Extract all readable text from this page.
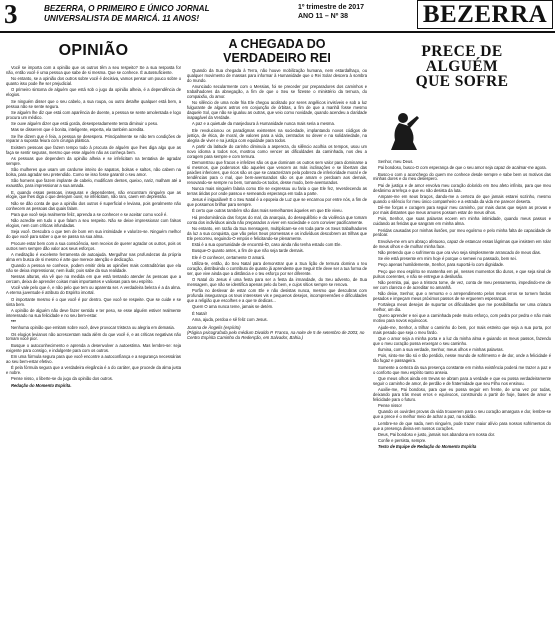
3	BEZERRA, O PRIMEIRO E ÚNICO JORNAL
UNIVERSALISTA DE MARICÁ. 11 ANOS!
1º trimestre de 2017
ANO 11 – Nº 38	BEZERRA
OPINIÃO

Você se importa com a opinião que os outros têm a seu respeito? Se a sua resposta for não, então você é uma pessoa que sabe de si mesma. Que se conhece. É autossuficiente.

No entanto, se a opinião dos outros sobre você é decisiva, vamos pensar um pouco sobre o quanto isso pode lhe ser prejudicial.

O primeiro sintoma de alguém que está sob o jugo da opinião alheia, é a dependência de elogios.

Se ninguém disser que o seu cabelo, a sua roupa, ou outro detalhe qualquer está bem, a pessoa não se sente segura.

Se alguém lhe diz que está com aparência de doente, a pessoa se sente amolentada e logo procura um médico.

Se ouve alguém dizer que está gorda, desesperadamente tenta diminuir o peso.

Mas se disserem que é bonita, inteligente, esperta, ela também acredita.

Se lhe dizem que é feia, a pessoa se desespera. Principalmente se não tem condições de reparar a suposta feiura com cirurgia plástica.

Existem pessoas que fazem tempo todo à procura de alguém que lhes diga algo que as faça se sentir seguras, mesmo que esse alguém não as conheça bem.

As pessoas que dependem da opinião alheia e se infelicitam na tentativa de agradar sempre.

São mulheres que usam um cardume inteiro de sapatos, bolsas e saltos, não cabem na bolsa, para agradar seu pretendido. Como se isso fosse garantir o seu amor.

São homens que fazem implante de cabelo, modificam dentes, queixo, nariz, malham até a exaustão, para impressionar a sua amada.

E, quando essas pessoas, inseguras e dependentes, não encontram ninguém que as elogie, que lhes diga o que desejam ouvir, se infelicitam, não raro, caem em depressão.

Não se dão conta de que a opinião dos outros é superficial e leviana, pois geralmente não conhecem as pessoas das quais falam.

Para que você seja realmente feliz, aprenda a se conhecer e se aceitar como você é.

Não acredite em tudo o que falam a seu respeito. Não se deixe impressionar com falsos elogios, nem com críticas infundadas.

Seja você. Descubra o que tem de bom em sua intimidade e valorize-se. Ninguém melhor do que você para saber o que se passa na sua alma.

Procure estar bem com a sua consciência, sem receios de querer agradar os outros, pois os outros nem sempre dão valor aos seus esforços.

A meditação é excelente ferramenta de autoajuda. Mergulhar nas profundezas da própria alma em busca de si mesmo é arte que merece atenção e dedicação.

Quando a pessoa se conhece, podem emitir dela as opiniões mais contraditórias que ela não se deixa impressionar, nem iludir, pois sabe da sua realidade.

Nessas alturas, ela vê que na medida em que está tentando atender às pessoas que a cercam, deixa de aprender coisas mais importantes e valiosas para seu espírito.

Você vale pelo que é, e não pelo que tem ou aparenta ser. A verdadeira beleza é a da alma. A eterna juventude é atributo do Espírito imortal.

O importante mesmo é o que você é por dentro. Que você se respeite. Que se cuide e se sinta bem.

A opinião de alguém não deve fazer sentido e ter peso, se esse alguém estiver realmente interessado na sua felicidade e no seu bem-estar.

***

Nenhuma opinião que emitam sobre você, deve provocar tristeza ou alegria em demasia.

Os elogios levianos não acrescentam nada além do que você é, e as críticas negativas não tornam você pior.

Busque o autoconhecimento e aprenda a desenvolver a autoestima. Mas lembre-se: seja exigente para consigo, e indulgente para com os outros.

Em uma fórmula segura para que você encontre a autoconfiança e a segurança necessárias ao seu bem-estar efetivo.

É pela fórmula segura que a verdadeira elegância é a do caráter, que procede da alma justa e nobre.

Pense nisso, o liberte-se do jugo da opinião dos outros.

Redação do Momento Espírita.

A CHEGADA DO
VERDADEIRO REI

Quando da Sua chegada à Terra, não houve mobilização humana, nem estardalhaço, ou qualquer movimento de massas para informar à Humanidade que o Rei Solar descera à sombra do mundo.

Anunciado secularmente com o Messias, foi se preceder por preparadores dos caminhos e trabalhadores da abnegação, a fim de que o Seu se fizesse o ministério da ternura, do compaixão, do amor.

No silêncio de uma noite fria Ele chegou acolitado por seres angélicos invisíveis e sob a luz fulgurante de alguns astros em conjunção de órbitas, a fim de que a manhã fosse mesmo daquele Sol, que não se igualou as outras, que veio como novidade, quando acendeu a claridade inapagável da Verdade.

A paz e a quietude da manjedoura à Humanidade nunca mais seria a mesma.

Ele revolucionou os paradigmas existentes na sociedade, implantando novos códigos de justiça, de ética, de moral, de valores para a vida, centrados no dever e na solidariedade, na alegria de viver e na justiça com equidade para todos.

A partir da latitude do carinho diminuía a aspereza, do silêncio acolhia os tempos, usou um novo idioma a todos nos, mostrou como vencer as dificuldades da caminhada, nos deu a coragem para sempre e com ternura.

Demonstrou que fracos e infelizes são os que dominam os outros sem valor para dominarse a si mesmos, que poderosos são aqueles que vencem as más inclinações e se libertam das paixões inferiores, que ricos são os que se caracterizam pela pobreza de inferioridade moral e de tendências para o mal, que bem-aventurados são os que amam e perdoam aos demais, renovando-se sempre no bem, tornando-os todos, desse modo, bem-aventurados.

Nunca mais ninguém falaria como Ele se expressou ou faria o que Ele fez, reverdecendo as terras áridas por onde passou e semeando esperança em toda a parte.

Jesus é inigualável! E o Seu Natal é a epopeia de Luz que se encarnou por entre nós, a fim de que possamos brilhar para sempre.

É certo que outras também são dias mais semelhantes àqueles em que Ele viveu.

Há predominância das forças do mal, da anarquia, do desequilíbrio e da violência que tomam conta dos indivíduos ainda não preparados a viver em sociedade e com conviver pacificamente.

No entanto, em razão da Sua mensagem, multiplicam-se em toda parte os Seus trabalhadores da luz a sua conquista, que vão pelos Seus promessas e os indivíduos descobrem as trilhas que Ele percorreu, seguindo-O empós e felicitando-se plenamente.

Está é a sua oportunidade de encontrá-lO, caso ainda não tenha estado com Ele.

Busque-O quanto antes, a fim de que não seja tarde demais.

Ele é O conhecer, certamente O amará.

Utiliza-te, então, do Seu Natal para demonstrar que a Sua lição de ternura domina o teu coração, distribuindo o contributo de quanto já aprendeste que Seguir Ele deve ser a tua forma de ser, que vive ainda que a distância e o teu esforço por ser diferente.

O Natal do Jesus é uma festa para ser a festa da irmandade, do Seu advento, de Sua mensagem, que não se identifica apenas pelo do bem, e cujos sítios sempre se renova.

Porfia no deslevar de estar com Ele e não desistas nunca, mesmo que descubras com profunda insegurança os teus interesses vis e pequenos desejos, incompreensões e dificuldades que a religião que escolhes e a que te dedicas...

Quem O ama nunca teme, jamais se detém.

É Natal!

Ama, ajuda, perdoa e sê feliz com Jesus.

Joanna de Ângelis (espírito)
(Página psicografada pelo médium Divaldo P. Franco, na noite de 5 de setembro de 2003, no Centro Espírita Caminho da Redenção, em Salvador, Bahia.)
PRECE DE
ALGUÉM
QUE SOFRE

Senhor, meu Deus.

Pai bondoso, busco-O com esperança de que o seu amor seja capaz de acalmar-me agora.

Busco-o com o aconchego do quem me conhece desde sempre e sabe bem os motivos das minhas dores e do meu desespero.

Pai de justiça e de amor envolva meu coração dolorido em Seu afeto infinito, para que meu desânimo arrefeça e que eu não desista da luta.

Ampare-me em seus braços, dando-me a certeza de que jamais estarei sozinho, mesmo quando o silêncio for meu único companheiro e a estrada da vida me parecer deserta.

Dê-me forças e coragem para seguir meu caminho, por mais duras que sejam as provas e por mais distantes que meus amores possam estar de meus olhos.

Pois, Senhor, que suas palavras ecoem em minha intimidade, quando meus passos e cuidando as feridas que sangram em minha alma.

Feridas causadas por minhas ilusões, por meu egoísmo e pelo minha falta de capacidade de perdoar.

Envolva-me em um abraço afetuoso, capaz de estancar essas lágrimas que insistem em rolar de meus olhos e de molhar minha face.

Não pretendo que o sofrimento que ora vivo seja simplesmente arrancado de meus dias.

Se ele está presente em mim hoje é porque o semeei no passado, bem sei.

Peço apenas humildemente, Senhor, para suportá-lo com dignidade.

Peço que meu espírito se mantenha em pé, nesses momentos tão duros, e que seja sinal de pulsos coerentes, e não se entregue a desilusão.

Não permita, pai, que a tristeza tome, de vez, conta de meu pensamento, impedindo-me de ver com clareza e de acreditar no amanhã.

Não deixe, Senhor, que o remorso e o arrependimento pelos meus erros se tornem fardos pesados e impeçam meus próximos passos de se erguerem esperanças.

Fortaleça meus desejos de suportar os dificuldades que me possibilitarão ser uma criatura melhor, um dia.

Quero aprender e sei que a caminhada pede muito esforço, com pedra por pedra e não mais motivo para novos equívocos.

Ajude-me, Senhor, a trilhar o caminho do bem, por mais estreito que seja a sua porta, por mais pesado que seja o meu fardo.

Que o amor seja a minha porta e a luz da minha alma e guiando os meus passos, fazendo que o meu coração possa enxergar o seu caminho.

Ilumina, com a sua verdade, Senhor, meus olhos e minhas palavras.

Pois, sinto-me tão só e tão perdido, nesse mundo de sofrimento e de dor, onde a felicidade é tão fugaz e passageira.

Somente a certeza da sua presença constante em minha existência poderá me trazer a paz e o conforto que meu espírito tanto anseia.

Que meus olhos ainda em trevas se abram para a verdade e que eu possa verdadeiramente seguir o caminho de amor, de perdão e de fraternidade que seu Filho nos ensinou.

Auxilie-me, Pai bondoso, para que eu possa seguir em frente, de uma vez por todas, deixando para trás meus erros e equívocos, construindo a partir de hoje, bases de amor e felicidade para o futuro.

Pense nisso!

Quando os ouvirdes provas da vida trouxerem para o seu coração amargura e dor, lembre-se que a prece é o melhor meio de achar a paz, na solidão.

Lembre-se de que nada, nem ninguém, pode trazer maior alívio para nossos sofrimentos do que a presença divina em nossos corações.

Deus, Pai bondoso e justo, jamais nos abandona em nossa dor.

Confie e persista, sempre.

Texto de Equipe de Redação do Momento Espírita
